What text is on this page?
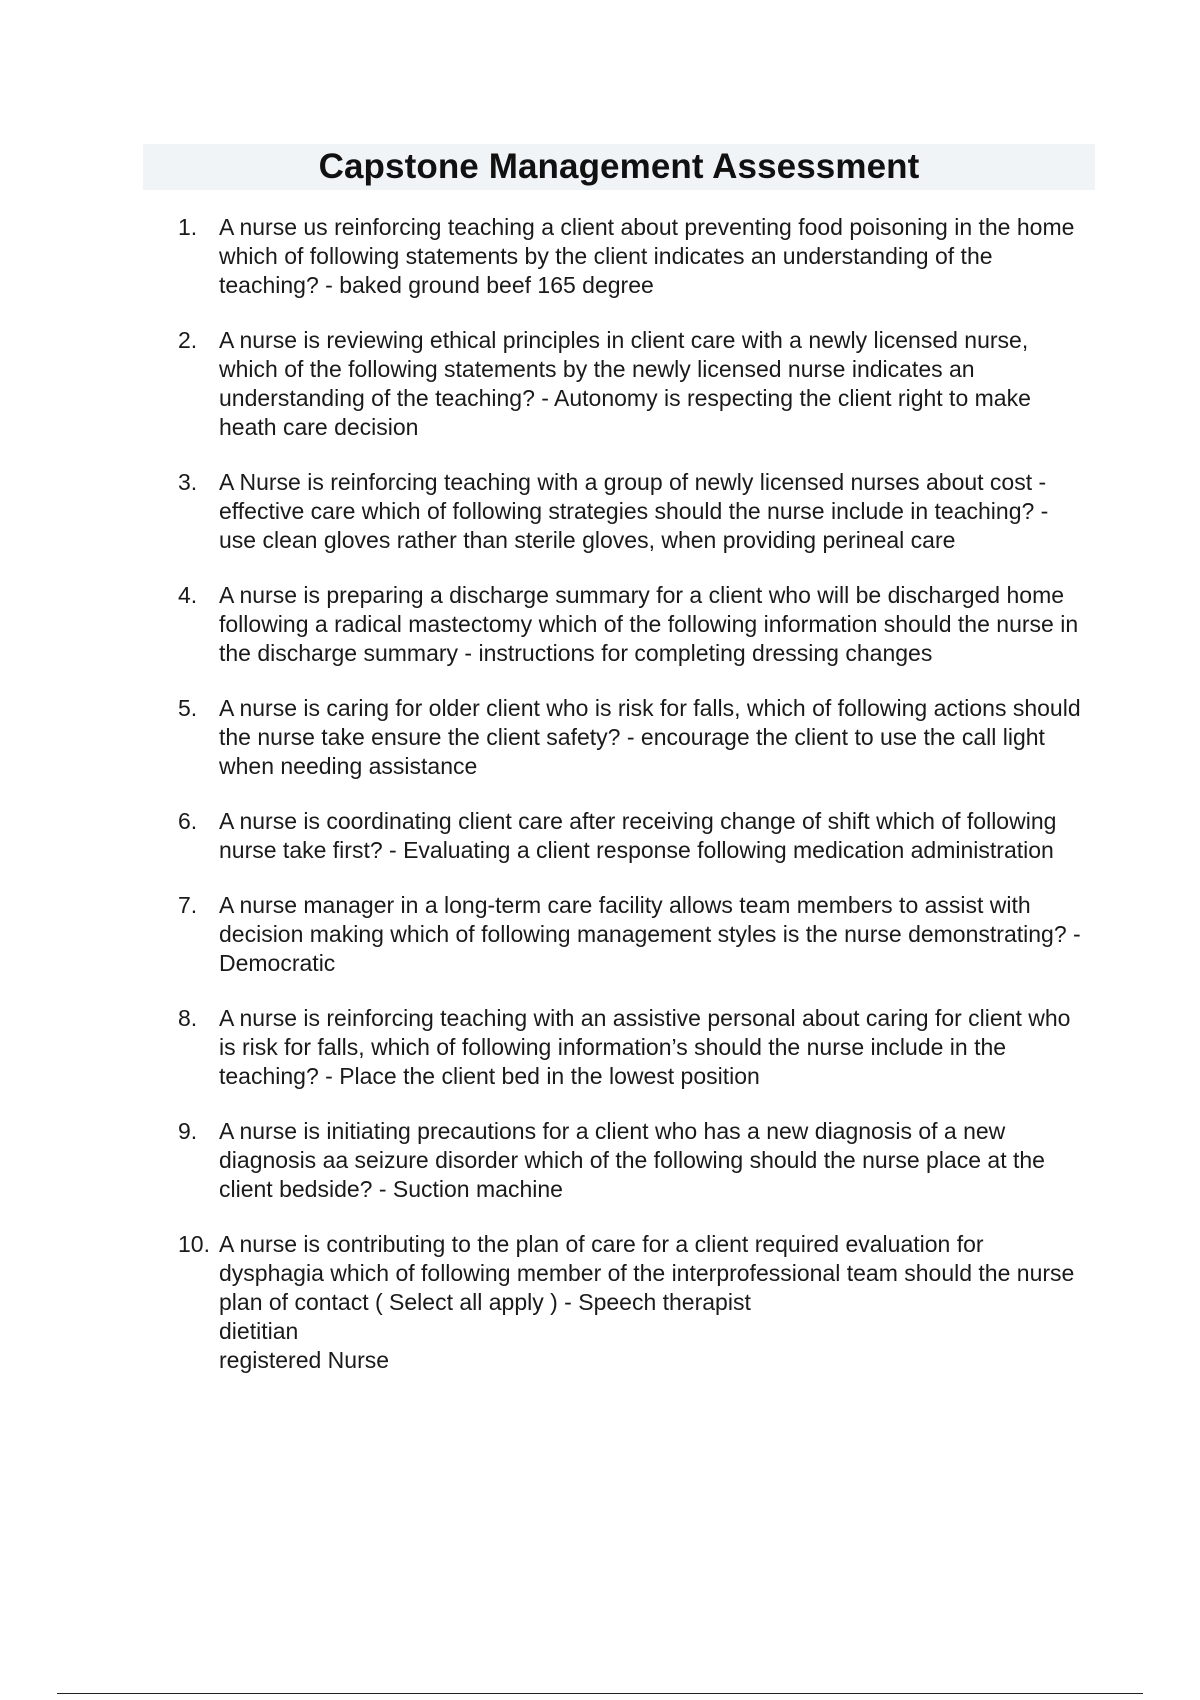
Capstone Management Assessment
1. A nurse us reinforcing teaching a client about preventing food poisoning in the home which of following statements by the client indicates an understanding of the teaching? - baked ground beef 165 degree
2. A nurse is reviewing ethical principles in client care with a newly licensed nurse, which of the following statements by the newly licensed nurse indicates an understanding of the teaching? - Autonomy is respecting the client right to make heath care decision
3. A Nurse is reinforcing teaching with a group of newly licensed nurses about cost -effective care which of following strategies should the nurse include in teaching? - use clean gloves rather than sterile gloves, when providing perineal care
4. A nurse is preparing a discharge summary for a client who will be discharged home following a radical mastectomy which of the following information should the nurse in the discharge summary - instructions for completing dressing changes
5. A nurse is caring for older client who is risk for falls, which of following actions should the nurse take ensure the client safety? - encourage the client to use the call light when needing assistance
6. A nurse is coordinating client care after receiving change of shift which of following nurse take first? - Evaluating a client response following medication administration
7. A nurse manager in a long-term care facility allows team members to assist with decision making which of following management styles is the nurse demonstrating? - Democratic
8. A nurse is reinforcing teaching with an assistive personal about caring for client who is risk for falls, which of following information’s should the nurse include in the teaching? - Place the client bed in the lowest position
9. A nurse is initiating precautions for a client who has a new diagnosis of a new diagnosis aa seizure disorder which of the following should the nurse place at the client bedside? - Suction machine
10. A nurse is contributing to the plan of care for a client required evaluation for dysphagia which of following member of the interprofessional team should the nurse plan of contact ( Select all apply ) - Speech therapist
dietitian
registered Nurse
